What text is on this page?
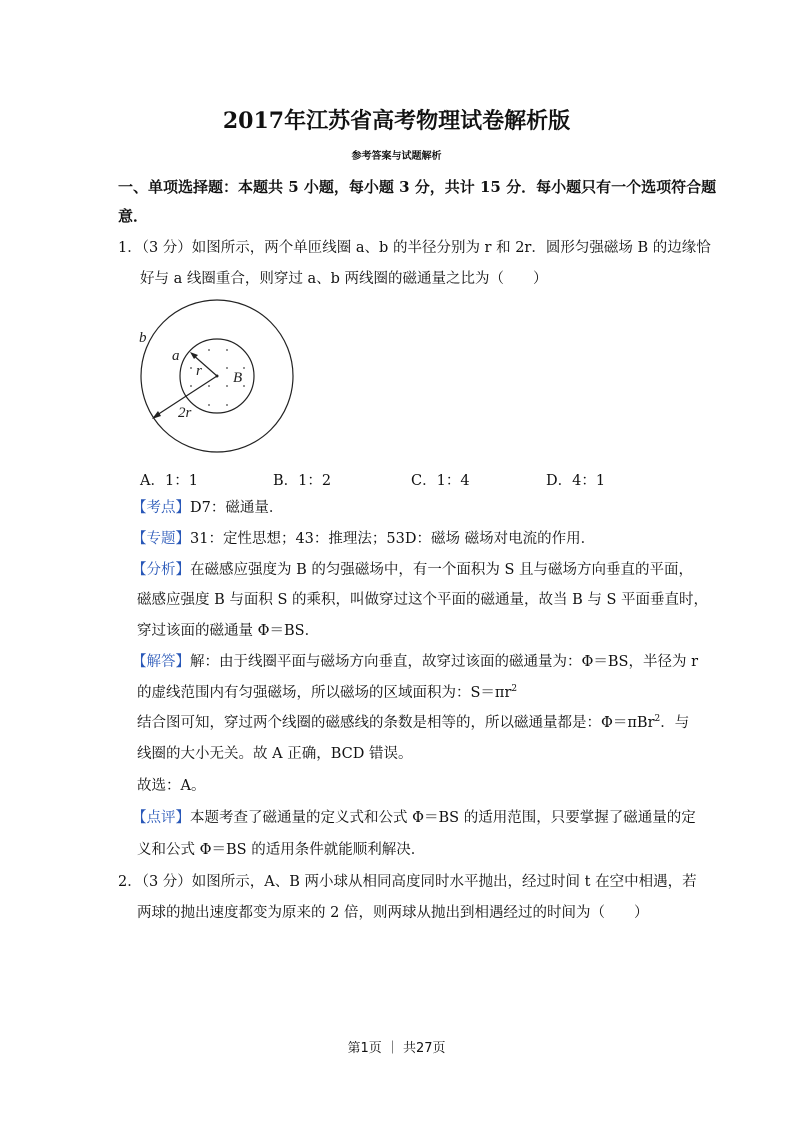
2017年江苏省高考物理试卷解析版
参考答案与试题解析
一、单项选择题：本题共 5 小题，每小题 3 分，共计 15 分．每小题只有一个选项符合题
意．
1．（3 分）如图所示，两个单匝线圈 a、b 的半径分别为 r 和 2r．圆形匀强磁场 B 的边缘恰
好与 a 线圈重合，则穿过 a、b 两线圈的磁通量之比为（　　）
b
a
r B
2r
A．1：1	B．1：2	C．1：4	D．4：1
【考点】D7：磁通量．
【专题】31：定性思想；43：推理法；53D：磁场 磁场对电流的作用．
【分析】在磁感应强度为 B 的匀强磁场中，有一个面积为 S 且与磁场方向垂直的平面，
磁感应强度 B 与面积 S 的乘积，叫做穿过这个平面的磁通量，故当 B 与 S 平面垂直时，
穿过该面的磁通量 Φ＝BS．
【解答】解：由于线圈平面与磁场方向垂直，故穿过该面的磁通量为：Φ＝BS，半径为 r
的虚线范围内有匀强磁场，所以磁场的区域面积为：$S=\pi r^2$
结合图可知，穿过两个线圈的磁感线的条数是相等的，所以磁通量都是：Φ＝πBr$^2$．与
线圈的大小无关。故 A 正确，BCD 错误。
故选：A。
【点评】本题考查了磁通量的定义式和公式 Φ＝BS 的适用范围，只要掌握了磁通量的定
义和公式 Φ＝BS 的适用条件就能顺利解决．
2．（3 分）如图所示，A、B 两小球从相同高度同时水平抛出，经过时间 t 在空中相遇，若
两球的抛出速度都变为原来的 2 倍，则两球从抛出到相遇经过的时间为（　　）
第1页 ｜ 共27页
